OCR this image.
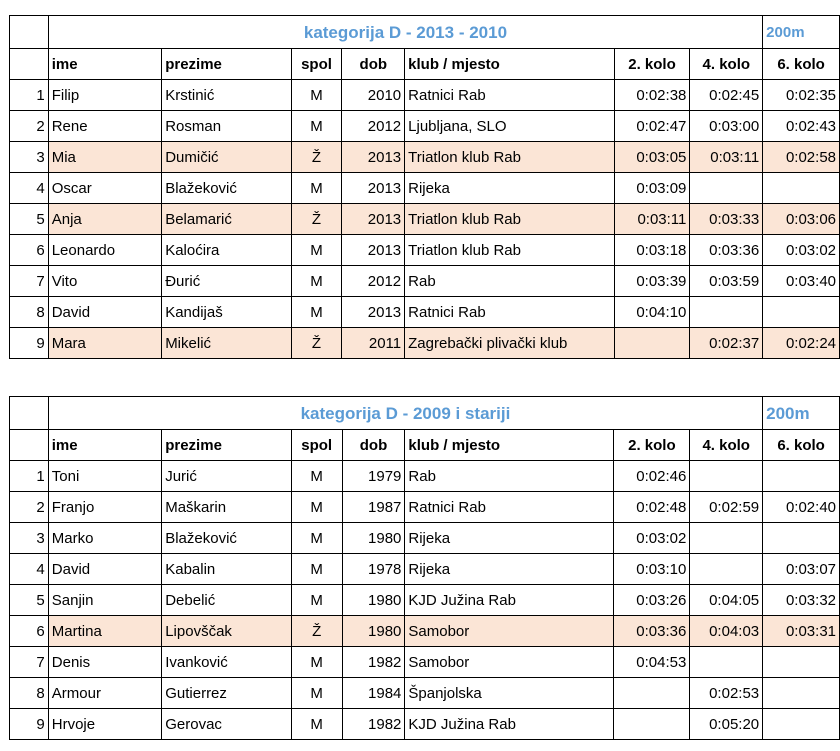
	kategorija D - 2013 - 2010							200m
	ime	prezime	spol	dob	klub / mjesto	2. kolo	4. kolo	6. kolo
1	Filip	Krstinić	M	2010	Ratnici Rab	0:02:38	0:02:45	0:02:35
2	Rene	Rosman	M	2012	Ljubljana, SLO	0:02:47	0:03:00	0:02:43
3	Mia	Dumičić	Ž	2013	Triatlon klub Rab	0:03:05	0:03:11	0:02:58
4	Oscar	Blažeković	M	2013	Rijeka	0:03:09		
5	Anja	Belamarić	Ž	2013	Triatlon klub Rab	0:03:11	0:03:33	0:03:06
6	Leonardo	Kaloćira	M	2013	Triatlon klub Rab	0:03:18	0:03:36	0:03:02
7	Vito	Đurić	M	2012	Rab	0:03:39	0:03:59	0:03:40
8	David	Kandijaš	M	2013	Ratnici Rab	0:04:10		
9	Mara	Mikelić	Ž	2011	Zagrebački plivački klub		0:02:37	0:02:24
	kategorija D - 2009 i stariji							200m
	ime	prezime	spol	dob	klub / mjesto	2. kolo	4. kolo	6. kolo
1	Toni	Jurić	M	1979	Rab	0:02:46		
2	Franjo	Maškarin	M	1987	Ratnici Rab	0:02:48	0:02:59	0:02:40
3	Marko	Blažeković	M	1980	Rijeka	0:03:02		
4	David	Kabalin	M	1978	Rijeka	0:03:10		0:03:07
5	Sanjin	Debelić	M	1980	KJD Južina Rab	0:03:26	0:04:05	0:03:32
6	Martina	Lipovščak	Ž	1980	Samobor	0:03:36	0:04:03	0:03:31
7	Denis	Ivanković	M	1982	Samobor	0:04:53		
8	Armour	Gutierrez	M	1984	Španjolska		0:02:53	
9	Hrvoje	Gerovac	M	1982	KJD Južina Rab		0:05:20	
